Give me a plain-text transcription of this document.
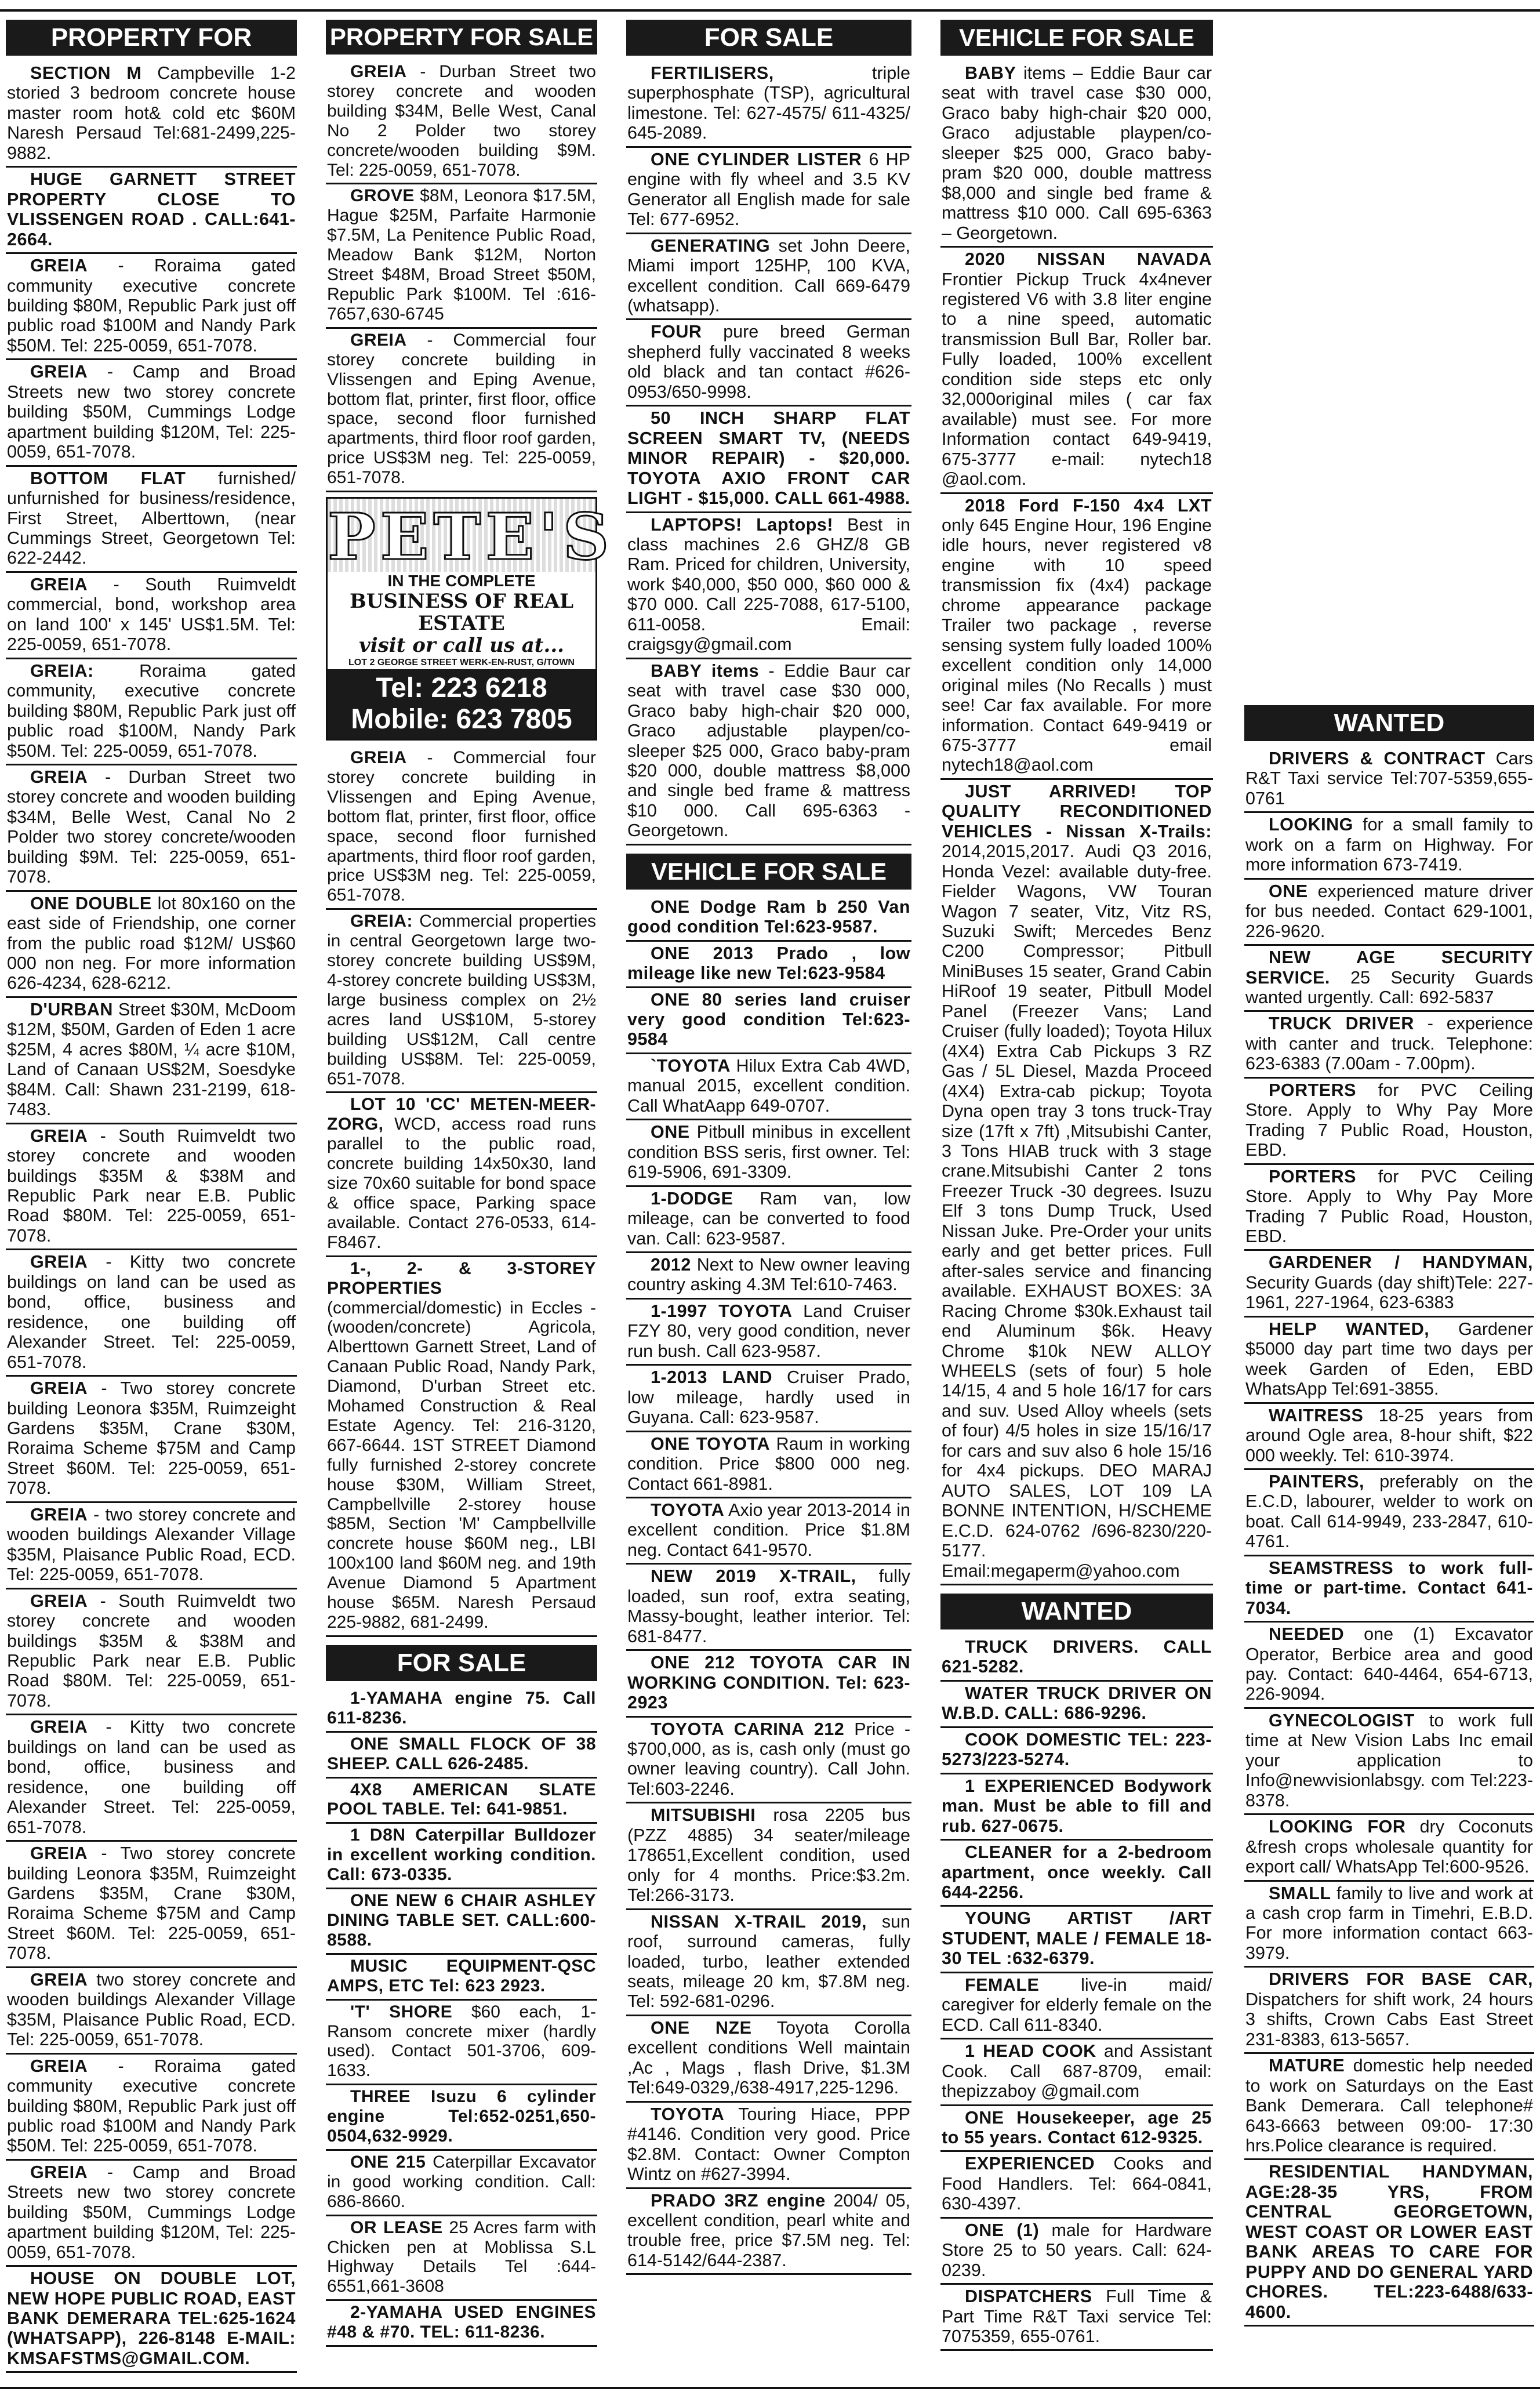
PROPERTY FOR

SECTION M Campbeville 1-2 storied 3 bedroom concrete house master room hot& cold etc $60M Naresh Persaud Tel:681-2499,225-9882.

HUGE GARNETT STREET PROPERTY CLOSE TO VLISSENGEN ROAD . CALL:641-2664.

GREIA - Roraima gated community executive concrete building $80M, Republic Park just off public road $100M and Nandy Park $50M. Tel: 225-0059, 651-7078.

GREIA - Camp and Broad Streets new two storey concrete building $50M, Cummings Lodge apartment building $120M, Tel: 225-0059, 651-7078.

BOTTOM FLAT furnished/ unfurnished for business/residence, First Street, Alberttown, (near Cummings Street, Georgetown Tel: 622-2442.

GREIA - South Ruimveldt commercial, bond, workshop area on land 100' x 145' US$1.5M. Tel: 225-0059, 651-7078.

GREIA: Roraima gated community, executive concrete building $80M, Republic Park just off public road $100M, Nandy Park $50M. Tel: 225-0059, 651-7078.

GREIA - Durban Street two storey concrete and wooden building $34M, Belle West, Canal No 2 Polder two storey concrete/wooden building $9M. Tel: 225-0059, 651-7078.

ONE DOUBLE lot 80x160 on the east side of Friendship, one corner from the public road $12M/ US$60 000 non neg. For more information 626-4234, 628-6212.

D'URBAN Street $30M, McDoom $12M, $50M, Garden of Eden 1 acre $25M, 4 acres $80M, ¼ acre $10M, Land of Canaan US$2M, Soesdyke $84M. Call: Shawn 231-2199, 618-7483.

GREIA - South Ruimveldt two storey concrete and wooden buildings $35M & $38M and Republic Park near E.B. Public Road $80M. Tel: 225-0059, 651-7078.

GREIA - Kitty two concrete buildings on land can be used as bond, office, business and residence, one building off Alexander Street. Tel: 225-0059, 651-7078.

GREIA - Two storey concrete building Leonora $35M, Ruimzeight Gardens $35M, Crane $30M, Roraima Scheme $75M and Camp Street $60M. Tel: 225-0059, 651-7078.

GREIA - two storey concrete and wooden buildings Alexander Village $35M, Plaisance Public Road, ECD. Tel: 225-0059, 651-7078.

GREIA - South Ruimveldt two storey concrete and wooden buildings $35M & $38M and Republic Park near E.B. Public Road $80M. Tel: 225-0059, 651-7078.

GREIA - Kitty two concrete buildings on land can be used as bond, office, business and residence, one building off Alexander Street. Tel: 225-0059, 651-7078.

GREIA - Two storey concrete building Leonora $35M, Ruimzeight Gardens $35M, Crane $30M, Roraima Scheme $75M and Camp Street $60M. Tel: 225-0059, 651-7078.

GREIA two storey concrete and wooden buildings Alexander Village $35M, Plaisance Public Road, ECD. Tel: 225-0059, 651-7078.

GREIA - Roraima gated community executive concrete building $80M, Republic Park just off public road $100M and Nandy Park $50M. Tel: 225-0059, 651-7078.

GREIA - Camp and Broad Streets new two storey concrete building $50M, Cummings Lodge apartment building $120M, Tel: 225-0059, 651-7078.

HOUSE ON DOUBLE LOT, NEW HOPE PUBLIC ROAD, EAST BANK DEMERARA TEL:625-1624 (WHATSAPP), 226-8148 E-MAIL: KMSAFSTMS@GMAIL.COM.

PROPERTY FOR SALE

GREIA - Durban Street two storey concrete and wooden building $34M, Belle West, Canal No 2 Polder two storey concrete/wooden building $9M. Tel: 225-0059, 651-7078.

GROVE $8M, Leonora $17.5M, Hague $25M, Parfaite Harmonie $7.5M, La Penitence Public Road, Meadow Bank $12M, Norton Street $48M, Broad Street $50M, Republic Park $100M. Tel :616-7657,630-6745

GREIA - Commercial four storey concrete building in Vlissengen and Eping Avenue, bottom flat, printer, first floor, office space, second floor furnished apartments, third floor roof garden, price US$3M neg. Tel: 225-0059, 651-7078.

PETE'S
IN THE COMPLETE
BUSINESS OF REAL ESTATE
visit or call us at...
LOT 2 GEORGE STREET WERK-EN-RUST, G/TOWN
Tel: 223 6218
Mobile: 623 7805

GREIA - Commercial four storey concrete building in Vlissengen and Eping Avenue, bottom flat, printer, first floor, office space, second floor furnished apartments, third floor roof garden, price US$3M neg. Tel: 225-0059, 651-7078.

GREIA: Commercial properties in central Georgetown large two-storey concrete building US$9M, 4-storey concrete building US$3M, large business complex on 2½ acres land US$10M, 5-storey building US$12M, Call centre building US$8M. Tel: 225-0059, 651-7078.

LOT 10 'CC' METEN-MEER-ZORG, WCD, access road runs parallel to the public road, concrete building 14x50x30, land size 70x60 suitable for bond space & office space, Parking space available. Contact 276-0533, 614-F8467.

1-, 2- & 3-STOREY PROPERTIES (commercial/domestic) in Eccles - (wooden/concrete) Agricola, Alberttown Garnett Street, Land of Canaan Public Road, Nandy Park, Diamond, D'urban Street etc. Mohamed Construction & Real Estate Agency. Tel: 216-3120, 667-6644. 1ST STREET Diamond fully furnished 2-storey concrete house $30M, William Street, Campbellville 2-storey house $85M, Section 'M' Campbellville concrete house $60M neg., LBI 100x100 land $60M neg. and 19th Avenue Diamond 5 Apartment house $65M. Naresh Persaud 225-9882, 681-2499.

FOR SALE

1-YAMAHA engine 75. Call 611-8236.

ONE SMALL FLOCK OF 38 SHEEP. CALL 626-2485.

4X8 AMERICAN SLATE POOL TABLE. Tel: 641-9851.

1 D8N Caterpillar Bulldozer in excellent working condition. Call: 673-0335.

ONE NEW 6 CHAIR ASHLEY DINING TABLE SET. CALL:600-8588.

MUSIC EQUIPMENT-QSC AMPS, ETC Tel: 623 2923.

'T' SHORE $60 each, 1-Ransom concrete mixer (hardly used). Contact 501-3706, 609-1633.

THREE Isuzu 6 cylinder engine Tel:652-0251,650-0504,632-9929.

ONE 215 Caterpillar Excavator in good working condition. Call: 686-8660.

OR LEASE 25 Acres farm with Chicken pen at Moblissa S.L Highway Details Tel :644-6551,661-3608

2-YAMAHA USED ENGINES #48 & #70. TEL: 611-8236.

FOR SALE

FERTILISERS, triple superphosphate (TSP), agricultural limestone. Tel: 627-4575/ 611-4325/ 645-2089.

ONE CYLINDER LISTER 6 HP engine with fly wheel and 3.5 KV Generator all English made for sale Tel: 677-6952.

GENERATING set John Deere, Miami import 125HP, 100 KVA, excellent condition. Call 669-6479 (whatsapp).

FOUR pure breed German shepherd fully vaccinated 8 weeks old black and tan contact #626-0953/650-9998.

50 INCH SHARP FLAT SCREEN SMART TV, (NEEDS MINOR REPAIR) - $20,000. TOYOTA AXIO FRONT CAR LIGHT - $15,000. CALL 661-4988.

LAPTOPS! Laptops! Best in class machines 2.6 GHZ/8 GB Ram. Priced for children, University, work $40,000, $50 000, $60 000 & $70 000. Call 225-7088, 617-5100, 611-0058. Email: craigsgy@gmail.com

BABY items - Eddie Baur car seat with travel case $30 000, Graco baby high-chair $20 000, Graco adjustable playpen/co-sleeper $25 000, Graco baby-pram $20 000, double mattress $8,000 and single bed frame & mattress $10 000. Call 695-6363 - Georgetown.

VEHICLE FOR SALE

ONE Dodge Ram b 250 Van good condition Tel:623-9587.

ONE 2013 Prado , low mileage like new Tel:623-9584

ONE 80 series land cruiser very good condition Tel:623-9584

`TOYOTA Hilux Extra Cab 4WD, manual 2015, excellent condition. Call WhatAapp 649-0707.

ONE Pitbull minibus in excellent condition BSS seris, first owner. Tel: 619-5906, 691-3309.

1-DODGE Ram van, low mileage, can be converted to food van. Call: 623-9587.

2012 Next to New owner leaving country asking 4.3M Tel:610-7463.

1-1997 TOYOTA Land Cruiser FZY 80, very good condition, never run bush. Call 623-9587.

1-2013 LAND Cruiser Prado, low mileage, hardly used in Guyana. Call: 623-9587.

ONE TOYOTA Raum in working condition. Price $800 000 neg. Contact 661-8981.

TOYOTA Axio year 2013-2014 in excellent condition. Price $1.8M neg. Contact 641-9570.

NEW 2019 X-TRAIL, fully loaded, sun roof, extra seating, Massy-bought, leather interior. Tel: 681-8477.

ONE 212 TOYOTA CAR IN WORKING CONDITION. Tel: 623-2923

TOYOTA CARINA 212 Price - $700,000, as is, cash only (must go owner leaving country). Call John. Tel:603-2246.

MITSUBISHI rosa 2205 bus (PZZ 4885) 34 seater/mileage 178651,Excellent condition, used only for 4 months. Price:$3.2m. Tel:266-3173.

NISSAN X-TRAIL 2019, sun roof, surround cameras, fully loaded, turbo, leather extended seats, mileage 20 km, $7.8M neg. Tel: 592-681-0296.

ONE NZE Toyota Corolla excellent conditions Well maintain ,Ac , Mags , flash Drive, $1.3M Tel:649-0329,/638-4917,225-1296.

TOYOTA Touring Hiace, PPP #4146. Condition very good. Price $2.8M. Contact: Owner Compton Wintz on #627-3994.

PRADO 3RZ engine 2004/ 05, excellent condition, pearl white and trouble free, price $7.5M neg. Tel: 614-5142/644-2387.

VEHICLE FOR SALE

BABY items – Eddie Baur car seat with travel case $30 000, Graco baby high-chair $20 000, Graco adjustable playpen/co-sleeper $25 000, Graco baby-pram $20 000, double mattress $8,000 and single bed frame & mattress $10 000. Call 695-6363 – Georgetown.

2020 NISSAN NAVADA Frontier Pickup Truck 4x4never registered V6 with 3.8 liter engine to a nine speed, automatic transmission Bull Bar, Roller bar. Fully loaded, 100% excellent condition side steps etc only 32,000original miles ( car fax available) must see. For more Information contact 649-9419, 675-3777 e-mail: nytech18 @aol.com.

2018 Ford F-150 4x4 LXT only 645 Engine Hour, 196 Engine idle hours, never registered v8 engine with 10 speed transmission fix (4x4) package chrome appearance package Trailer two package , reverse sensing system fully loaded 100% excellent condition only 14,000 original miles (No Recalls ) must see! Car fax available. For more information. Contact 649-9419 or 675-3777 email nytech18@aol.com

JUST ARRIVED! TOP QUALITY RECONDITIONED VEHICLES - Nissan X-Trails: 2014,2015,2017. Audi Q3 2016, Honda Vezel: available duty-free. Fielder Wagons, VW Touran Wagon 7 seater, Vitz, Vitz RS, Suzuki Swift; Mercedes Benz C200 Compressor; Pitbull MiniBuses 15 seater, Grand Cabin HiRoof 19 seater, Pitbull Model Panel (Freezer Vans; Land Cruiser (fully loaded); Toyota Hilux (4X4) Extra Cab Pickups 3 RZ Gas / 5L Diesel, Mazda Proceed (4X4) Extra-cab pickup; Toyota Dyna open tray 3 tons truck-Tray size (17ft x 7ft) ,Mitsubishi Canter, 3 Tons HIAB truck with 3 stage crane.Mitsubishi Canter 2 tons Freezer Truck -30 degrees. Isuzu Elf 3 tons Dump Truck, Used Nissan Juke. Pre-Order your units early and get better prices. Full after-sales service and financing available. EXHAUST BOXES: 3A Racing Chrome $30k.Exhaust tail end Aluminum $6k. Heavy Chrome $10k NEW ALLOY WHEELS (sets of four) 5 hole 14/15, 4 and 5 hole 16/17 for cars and suv. Used Alloy wheels (sets of four) 4/5 holes in size 15/16/17 for cars and suv also 6 hole 15/16 for 4x4 pickups. DEO MARAJ AUTO SALES, LOT 109 LA BONNE INTENTION, H/SCHEME E.C.D. 624-0762 /696-8230/220-5177. Email:megaperm@yahoo.com

WANTED

TRUCK DRIVERS. CALL 621-5282.

WATER TRUCK DRIVER ON W.B.D. CALL: 686-9296.

COOK DOMESTIC TEL: 223-5273/223-5274.

1 EXPERIENCED Bodywork man. Must be able to fill and rub. 627-0675.

CLEANER for a 2-bedroom apartment, once weekly. Call 644-2256.

YOUNG ARTIST /ART STUDENT, MALE / FEMALE 18-30 TEL :632-6379.

FEMALE live-in maid/ caregiver for elderly female on the ECD. Call 611-8340.

1 HEAD COOK and Assistant Cook. Call 687-8709, email: thepizzaboy @gmail.com

ONE Housekeeper, age 25 to 55 years. Contact 612-9325.

EXPERIENCED Cooks and Food Handlers. Tel: 664-0841, 630-4397.

ONE (1) male for Hardware Store 25 to 50 years. Call: 624-0239.

DISPATCHERS Full Time & Part Time R&T Taxi service Tel: 7075359, 655-0761.

WANTED

DRIVERS & CONTRACT Cars R&T Taxi service Tel:707-5359,655-0761

LOOKING for a small family to work on a farm on Highway. For more information 673-7419.

ONE experienced mature driver for bus needed. Contact 629-1001, 226-9620.

NEW AGE SECURITY SERVICE. 25 Security Guards wanted urgently. Call: 692-5837

TRUCK DRIVER - experience with canter and truck. Telephone: 623-6383 (7.00am - 7.00pm).

PORTERS for PVC Ceiling Store. Apply to Why Pay More Trading 7 Public Road, Houston, EBD.

PORTERS for PVC Ceiling Store. Apply to Why Pay More Trading 7 Public Road, Houston, EBD.

GARDENER / HANDYMAN, Security Guards (day shift)Tele: 227-1961, 227-1964, 623-6383

HELP WANTED, Gardener $5000 day part time two days per week Garden of Eden, EBD WhatsApp Tel:691-3855.

WAITRESS 18-25 years from around Ogle area, 8-hour shift, $22 000 weekly. Tel: 610-3974.

PAINTERS, preferably on the E.C.D, labourer, welder to work on boat. Call 614-9949, 233-2847, 610-4761.

SEAMSTRESS to work full-time or part-time. Contact 641-7034.

NEEDED one (1) Excavator Operator, Berbice area and good pay. Contact: 640-4464, 654-6713, 226-9094.

GYNECOLOGIST to work full time at New Vision Labs Inc email your application to Info@newvisionlabsgy. com Tel:223-8378.

LOOKING FOR dry Coconuts &fresh crops wholesale quantity for export call/ WhatsApp Tel:600-9526.

SMALL family to live and work at a cash crop farm in Timehri, E.B.D. For more information contact 663-3979.

DRIVERS FOR BASE CAR, Dispatchers for shift work, 24 hours 3 shifts, Crown Cabs East Street 231-8383, 613-5657.

MATURE domestic help needed to work on Saturdays on the East Bank Demerara. Call telephone# 643-6663 between 09:00- 17:30 hrs.Police clearance is required.

RESIDENTIAL HANDYMAN, AGE:28-35 YRS, FROM CENTRAL GEORGETOWN, WEST COAST OR LOWER EAST BANK AREAS TO CARE FOR PUPPY AND DO GENERAL YARD CHORES. TEL:223-6488/633-4600.
